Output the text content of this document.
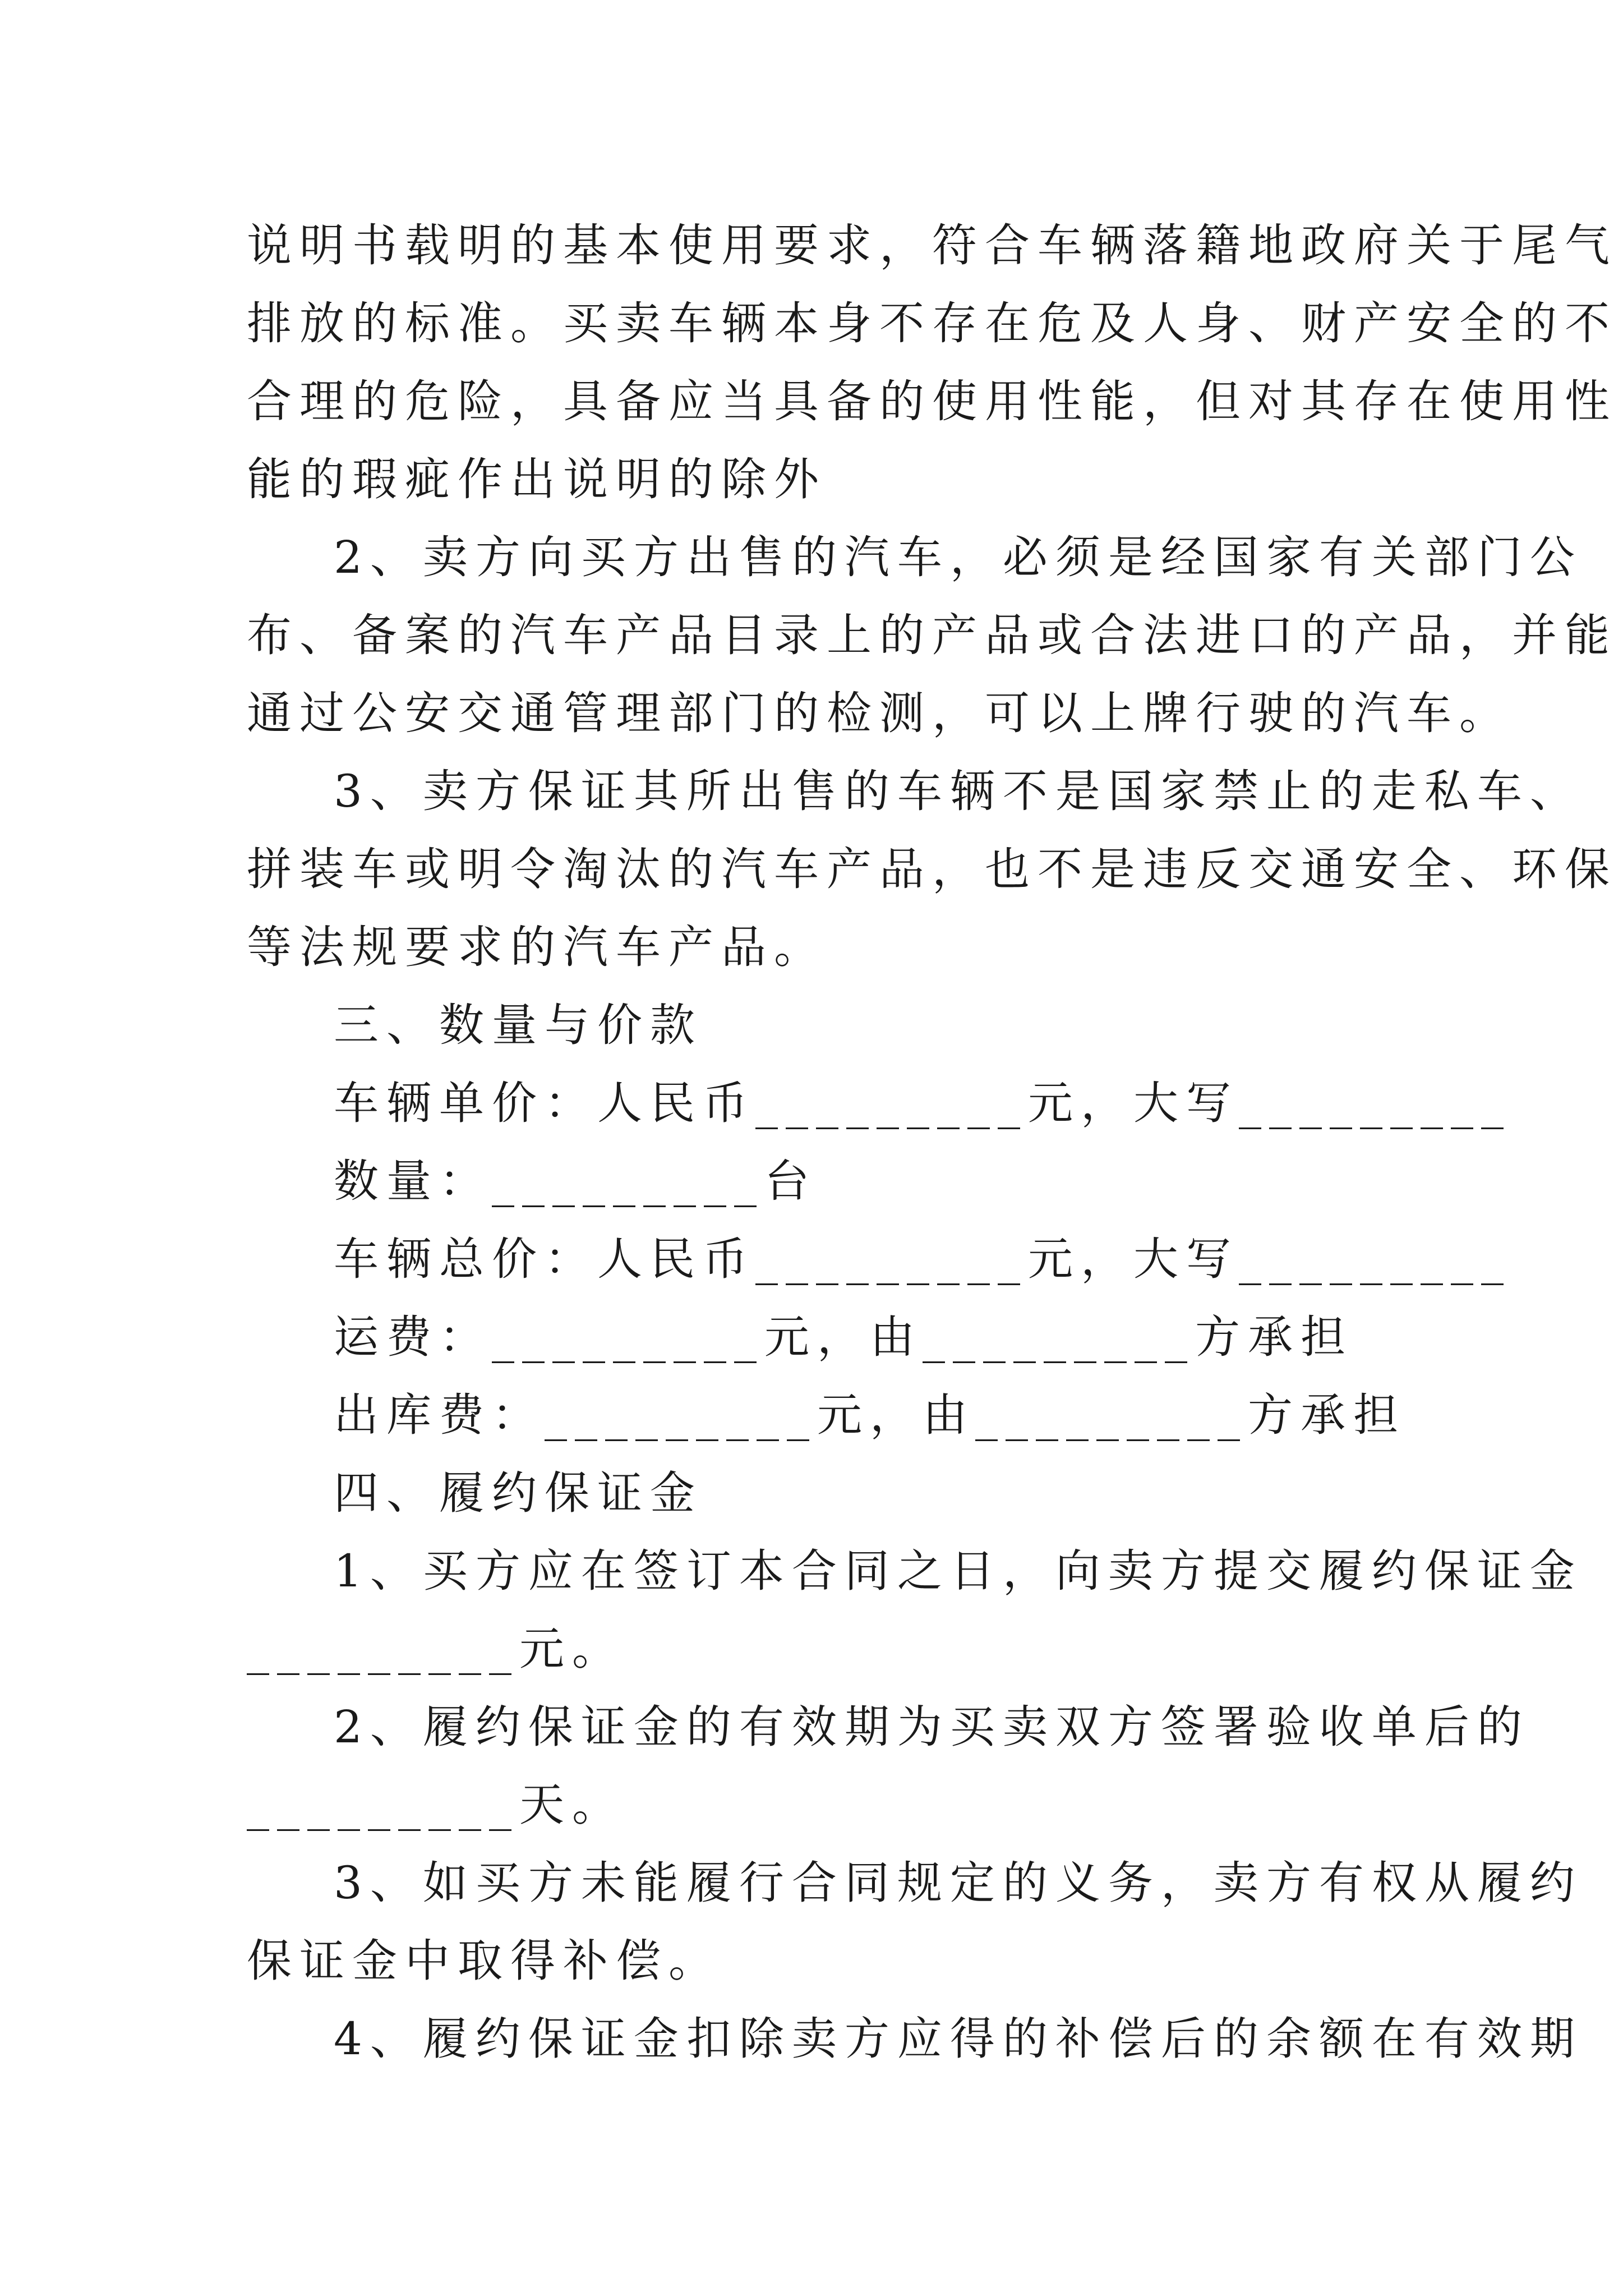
说明书载明的基本使用要求，符合车辆落籍地政府关于尾气
排放的标准。买卖车辆本身不存在危及人身、财产安全的不
合理的危险，具备应当具备的使用性能，但对其存在使用性
能的瑕疵作出说明的除外
2、卖方向买方出售的汽车，必须是经国家有关部门公
布、备案的汽车产品目录上的产品或合法进口的产品，并能
通过公安交通管理部门的检测，可以上牌行驶的汽车。
3、卖方保证其所出售的车辆不是国家禁止的走私车、
拼装车或明令淘汰的汽车产品，也不是违反交通安全、环保
等法规要求的汽车产品。
三、数量与价款
车辆单价：人民币_________元，大写_________
数量：_________台
车辆总价：人民币_________元，大写_________
运费：_________元，由_________方承担
出库费：_________元，由_________方承担
四、履约保证金
1、买方应在签订本合同之日，向卖方提交履约保证金
_________元。
2、履约保证金的有效期为买卖双方签署验收单后的
_________天。
3、如买方未能履行合同规定的义务，卖方有权从履约
保证金中取得补偿。
4、履约保证金扣除卖方应得的补偿后的余额在有效期
